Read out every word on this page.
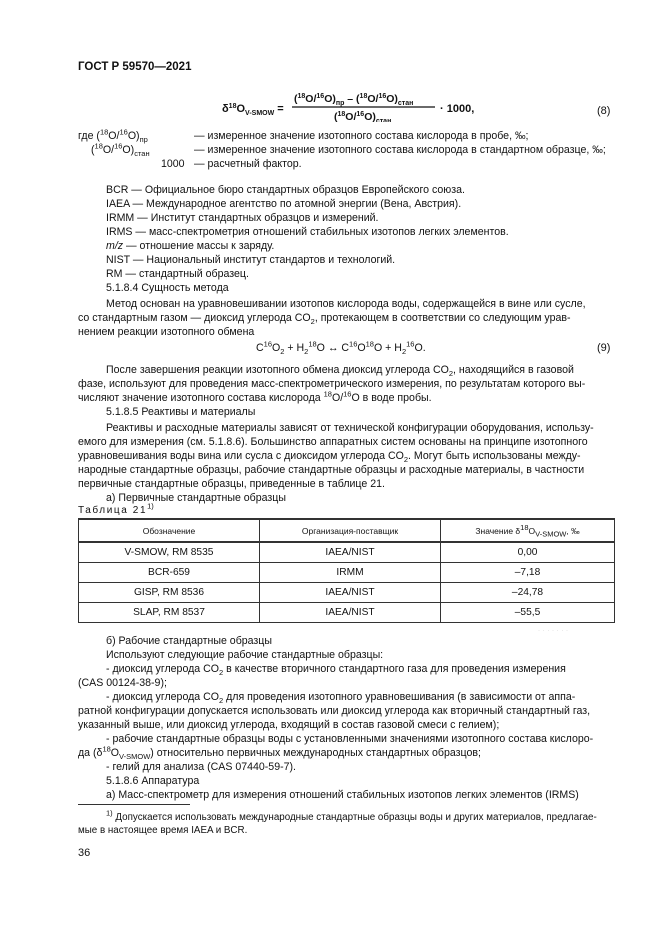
ГОСТ Р 59570—2021
$\delta^{18}O_{V-SMOW}$ =
$(^{18}O/^{16}O)_{пр} - (^{18}O/^{16}O)_{стан}$
$(^{18}O/^{16}O)_{стан}$
· 1000,	(8)
где $(^{18}O/^{16}O)_{пр}$	— измеренное значение изотопного состава кислорода в пробе, ‰;
$(^{18}O/^{16}O)_{стан}$	— измеренное значение изотопного состава кислорода в стандартном образце, ‰;
1000 — расчетный фактор.
BCR — Официальное бюро стандартных образцов Европейского союза.
IAEA — Международное агентство по атомной энергии (Вена, Австрия).
IRMM — Институт стандартных образцов и измерений.
IRMS — масс-спектрометрия отношений стабильных изотопов легких элементов.
m/z — отношение массы к заряду.
NIST — Национальный институт стандартов и технологий.
RM — стандартный образец.
5.1.8.4 Сущность метода
Метод основан на уравновешивании изотопов кислорода воды, содержащейся в вине или сусле,
со стандартным газом — диоксид углерода $CO_2$, протекающем в соответствии со следующим урав-
нением реакции изотопного обмена
$C^{16}O_2 + H_2^{18}O$ ↔ $C^{16}O^{18}O + H_2^{16}O$.	(9)
После завершения реакции изотопного обмена диоксид углерода $CO_2$, находящийся в газовой
фазе, используют для проведения масс-спектрометрического измерения, по результатам которого вы-
числяют значение изотопного состава кислорода $^{18}$O/$^{16}$O в воде пробы.
5.1.8.5 Реактивы и материалы
Реактивы и расходные материалы зависят от технической конфигурации оборудования, использу-
емого для измерения (см. 5.1.8.6). Большинство аппаратных систем основаны на принципе изотопного
уравновешивания воды вина или сусла с диоксидом углерода $CO_2$. Могут быть использованы между-
народные стандартные образцы, рабочие стандартные образцы и расходные материалы, в частности
первичные стандартные образцы, приведенные в таблице 21.
а) Первичные стандартные образцы
Таблица 21$^{1)}$
Обозначение	Организация-поставщик	Значение $\delta^{18}O_{V-SMOW}$, ‰
V-SMOW, RM 8535	IAEA/NIST	0,00
BCR-659	IRMM	–7,18
GISP, RM 8536	IAEA/NIST	–24,78
SLAP, RM 8537	IAEA/NIST	–55,5
· · · · · · ·
б) Рабочие стандартные образцы
Используют следующие рабочие стандартные образцы:
- диоксид углерода $CO_2$ в качестве вторичного стандартного газа для проведения измерения
(CAS 00124-38-9);
- диоксид углерода $CO_2$ для проведения изотопного уравновешивания (в зависимости от аппа-
ратной конфигурации допускается использовать или диоксид углерода как вторичный стандартный газ,
указанный выше, или диоксид углерода, входящий в состав газовой смеси с гелием);
- рабочие стандартные образцы воды с установленными значениями изотопного состава кислоро-
да $(\delta^{18}O_{V-SMOW})$ относительно первичных международных стандартных образцов;
- гелий для анализа (CAS 07440-59-7).
5.1.8.6 Аппаратура
а) Масс-спектрометр для измерения отношений стабильных изотопов легких элементов (IRMS)
$^{1)}$ Допускается использовать международные стандартные образцы воды и других материалов, предлагае-
мые в настоящее время IAEA и BCR.
36
